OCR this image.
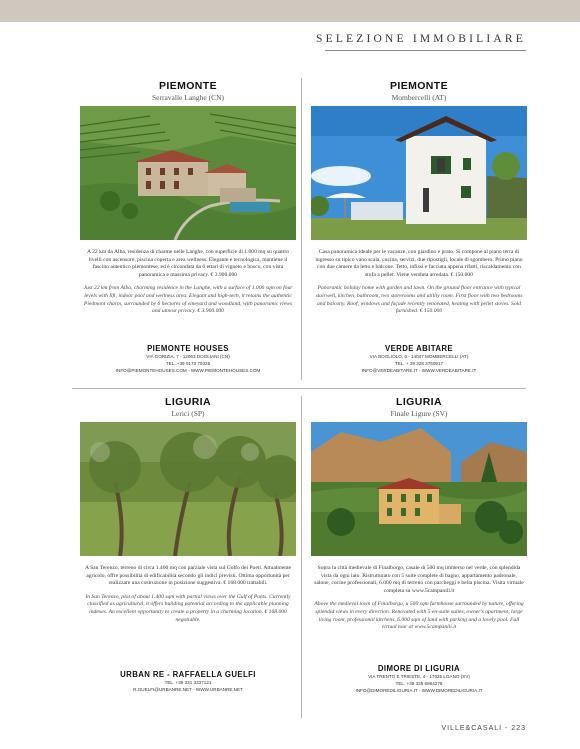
SELEZIONE IMMOBILIARE
PIEMONTE
Serravalle Langhe (CN)
A 22 km da Alba, residenza di charme nelle Langhe, con superficie di 1.000 mq su quattro livelli con ascensore, piscina coperta e area wellness. Elegante e tecnologica, mantiene il fascino autentico piemontese, ed è circondata da 6 ettari di vigneto e bosco, con vista panoramica e massima privacy. € 3.900.000
Just 22 km from Alba, charming residence in the Langhe, with a surface of 1.000 sqm on four levels with lift, indoor pool and wellness area. Elegant and high-tech, it retains the authentic Piedmont charm, surrounded by 6 hectares of vineyard and woodland, with panoramic views and utmost privacy. € 3.900.000
PIEMONTE HOUSES
VIA GORIZIA, 7 - 12063 DOGLIANI (CN)
TEL. +39 0173 70325
INFO@PIEMONTEHOUSES.COM - WWW.PIEMONTEHOUSES.COM
PIEMONTE
Mombercelli (AT)
Casa panoramica ideale per le vacanze, con giardino e prato. Si compone al piano terra di ingresso su tipico vano scala, cucina, servizi, due ripostigli, locale di sgombero. Primo piano con due camere da letto e balcone. Tetto, infissi e facciata appena rifatti, riscaldamento con stufa a pellet. Viene venduta arredata. € 150.000
Panoramic holiday home with garden and lawn. On the ground floor entrance with typical stairwell, kitchen, bathroom, two storerooms and utility room. First floor with two bedrooms and balcony. Roof, windows and façade recently renovated, heating with pellet stoves. Sold furnished. € 150.000
VERDE ABITARE
VIA BOGLIOLO, 6 - 14047 MOMBERCELLI (AT)
TEL. + 39 328 3750917
INFO@VERDEABITARE.IT - WWW.VERDEABITARE.IT
LIGURIA
Lerici (SP)
A San Terenzo, terreno di circa 1.400 mq con parziale vista sul Golfo dei Poeti. Attualmente agricolo, offre possibilità di edificabilità secondo gli indici previsti. Ottima opportunità per realizzare una costruzione in posizione suggestiva. € 168.000 trattabili.
In San Terenzo, plot of about 1.400 sqm with partial views over the Gulf of Poets. Currently classified as agricultural, it offers building potential according to the applicable planning indexes. An excellent opportunity to create a property in a charming location. € 168.000 negotiable.
URBAN RE - RAFFAELLA GUELFI
TEL. +39 331 3337121
R.GUELFI@URBANRE.NET - WWW.URBANRE.NET
LIGURIA
Finale Ligure (SV)
Sopra la città medievale di Finalborgo, casale di 500 mq immerso nel verde, con splendida vista da ogni lato. Ristrutturato con 5 suite complete di bagno, appartamento padronale, salone, cucine professionali, 6.000 mq di terreno con parcheggi e bella piscina. Visita virtuale completa su www.5campanili.it
Above the medieval town of Finalborgo, a 500 sqm farmhouse surrounded by nature, offering splendid views in every direction. Renovated with 5 en-suite suites, owner's apartment, large living room, professional kitchens, 6.000 sqm of land with parking and a lovely pool. Full virtual tour at www.5campanili.it
DIMORE DI LIGURIA
VIA TRENTO E TRIESTE, 4 - 17025 LOANO (SV)
TEL. +39 335 6864278
INFO@DIMOREDILIGURIA.IT - WWW.DIMOREDILIGURIA.IT
VILLE&CASALI - 223
